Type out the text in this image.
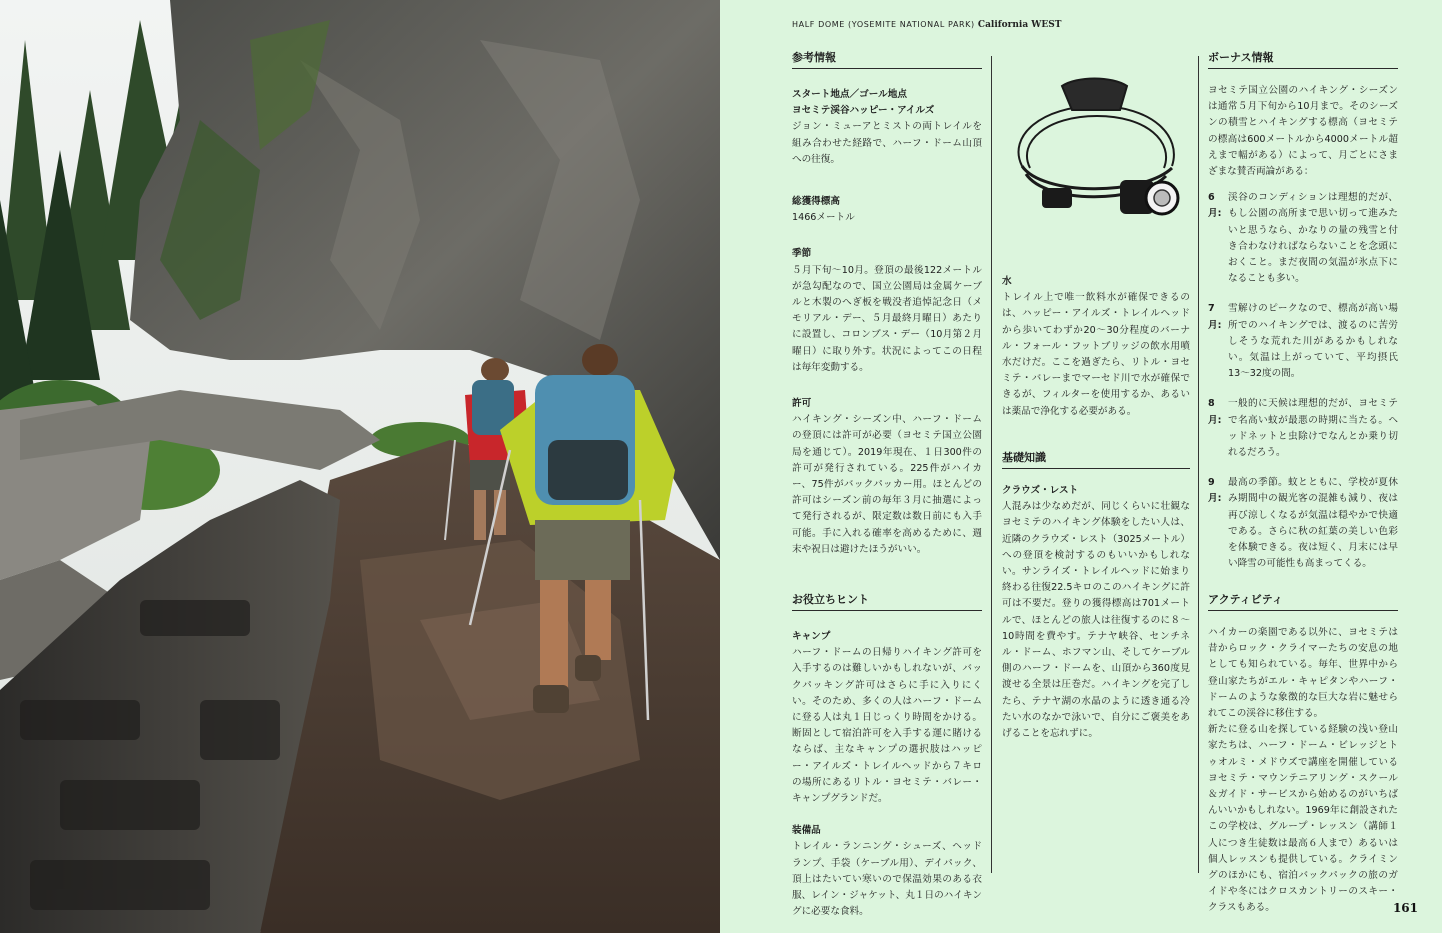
HALF DOME (YOSEMITE NATIONAL PARK) California WEST
参考情報
スタート地点／ゴール地点
ヨセミテ渓谷ハッピー・アイルズ
ジョン・ミューアとミストの両トレイルを組み合わせた経路で、ハーフ・ドーム山頂への往復。
総獲得標高
1466メートル
季節
５月下旬〜10月。登頂の最後122メートルが急勾配なので、国立公園局は金属ケーブルと木製のへぎ板を戦没者追悼記念日（メモリアル・デー、５月最終月曜日）あたりに設置し、コロンブス・デー（10月第２月曜日）に取り外す。状況によってこの日程は毎年変動する。
許可
ハイキング・シーズン中、ハーフ・ドームの登頂には許可が必要（ヨセミテ国立公園局を通じて）。2019年現在、１日300件の許可が発行されている。225件がハイカー、75件がバックパッカー用。ほとんどの許可はシーズン前の毎年３月に抽選によって発行されるが、限定数は数日前にも入手可能。手に入れる確率を高めるために、週末や祝日は避けたほうがいい。
お役立ちヒント
キャンプ
ハーフ・ドームの日帰りハイキング許可を入手するのは難しいかもしれないが、バックパッキング許可はさらに手に入りにくい。そのため、多くの人はハーフ・ドームに登る人は丸１日じっくり時間をかける。断固として宿泊許可を入手する運に賭けるならば、主なキャンプの選択肢はハッピー・アイルズ・トレイルヘッドから７キロの場所にあるリトル・ヨセミテ・バレー・キャンプグランドだ。
装備品
トレイル・ランニング・シューズ、ヘッドランプ、手袋（ケーブル用）、デイパック、頂上はたいてい寒いので保温効果のある衣服、レイン・ジャケット、丸１日のハイキングに必要な食料。
水
トレイル上で唯一飲料水が確保できるのは、ハッピー・アイルズ・トレイルヘッドから歩いてわずか20〜30分程度のバーナル・フォール・フットブリッジの飲水用噴水だけだ。ここを過ぎたら、リトル・ヨセミテ・バレーまでマーセド川で水が確保できるが、フィルターを使用するか、あるいは薬品で浄化する必要がある。
基礎知識
クラウズ・レスト
人混みは少なめだが、同じくらいに壮観なヨセミテのハイキング体験をしたい人は、近隣のクラウズ・レスト（3025メートル）への登頂を検討するのもいいかもしれない。サンライズ・トレイルヘッドに始まり終わる往復22.5キロのこのハイキングに許可は不要だ。登りの獲得標高は701メートルで、ほとんどの旅人は往復するのに８〜10時間を費やす。テナヤ峡谷、センチネル・ドーム、ホフマン山、そしてケーブル側のハーフ・ドームを、山頂から360度見渡せる全景は圧巻だ。ハイキングを完了したら、テナヤ湖の水晶のように透き通る冷たい水のなかで泳いで、自分にご褒美をあげることを忘れずに。
ボーナス情報
ヨセミテ国立公園のハイキング・シーズンは通常５月下旬から10月まで。そのシーズンの積雪とハイキングする標高（ヨセミテの標高は600メートルから4000メートル超えまで幅がある）によって、月ごとにさまざまな賛否両論がある：
6月:
渓谷のコンディションは理想的だが、もし公園の高所まで思い切って進みたいと思うなら、かなりの量の残雪と付き合わなければならないことを念頭におくこと。まだ夜間の気温が氷点下になることも多い。
7月:
雪解けのピークなので、標高が高い場所でのハイキングでは、渡るのに苦労しそうな荒れた川があるかもしれない。気温は上がっていて、平均摂氏13〜32度の間。
8月:
一般的に天候は理想的だが、ヨセミテで名高い蚊が最悪の時期に当たる。ヘッドネットと虫除けでなんとか乗り切れるだろう。
9月:
最高の季節。蚊とともに、学校が夏休み期間中の観光客の混雑も減り、夜は再び涼しくなるが気温は穏やかで快適である。さらに秋の紅葉の美しい色彩を体験できる。夜は短く、月末には早い降雪の可能性も高まってくる。
アクティビティ
ハイカーの楽園である以外に、ヨセミテは昔からロック・クライマーたちの安息の地としても知られている。毎年、世界中から登山家たちがエル・キャピタンやハーフ・ドームのような象徴的な巨大な岩に魅せられてこの渓谷に移住する。
新たに登る山を探している経験の浅い登山家たちは、ハーフ・ドーム・ビレッジとトゥオルミ・メドウズで講座を開催しているヨセミテ・マウンテニアリング・スクール＆ガイド・サービスから始めるのがいちばんいいかもしれない。1969年に創設されたこの学校は、グループ・レッスン（講師１人につき生徒数は最高６人まで）あるいは個人レッスンも提供している。クライミングのほかにも、宿泊バックパックの旅のガイドや冬にはクロスカントリーのスキー・クラスもある。	161
